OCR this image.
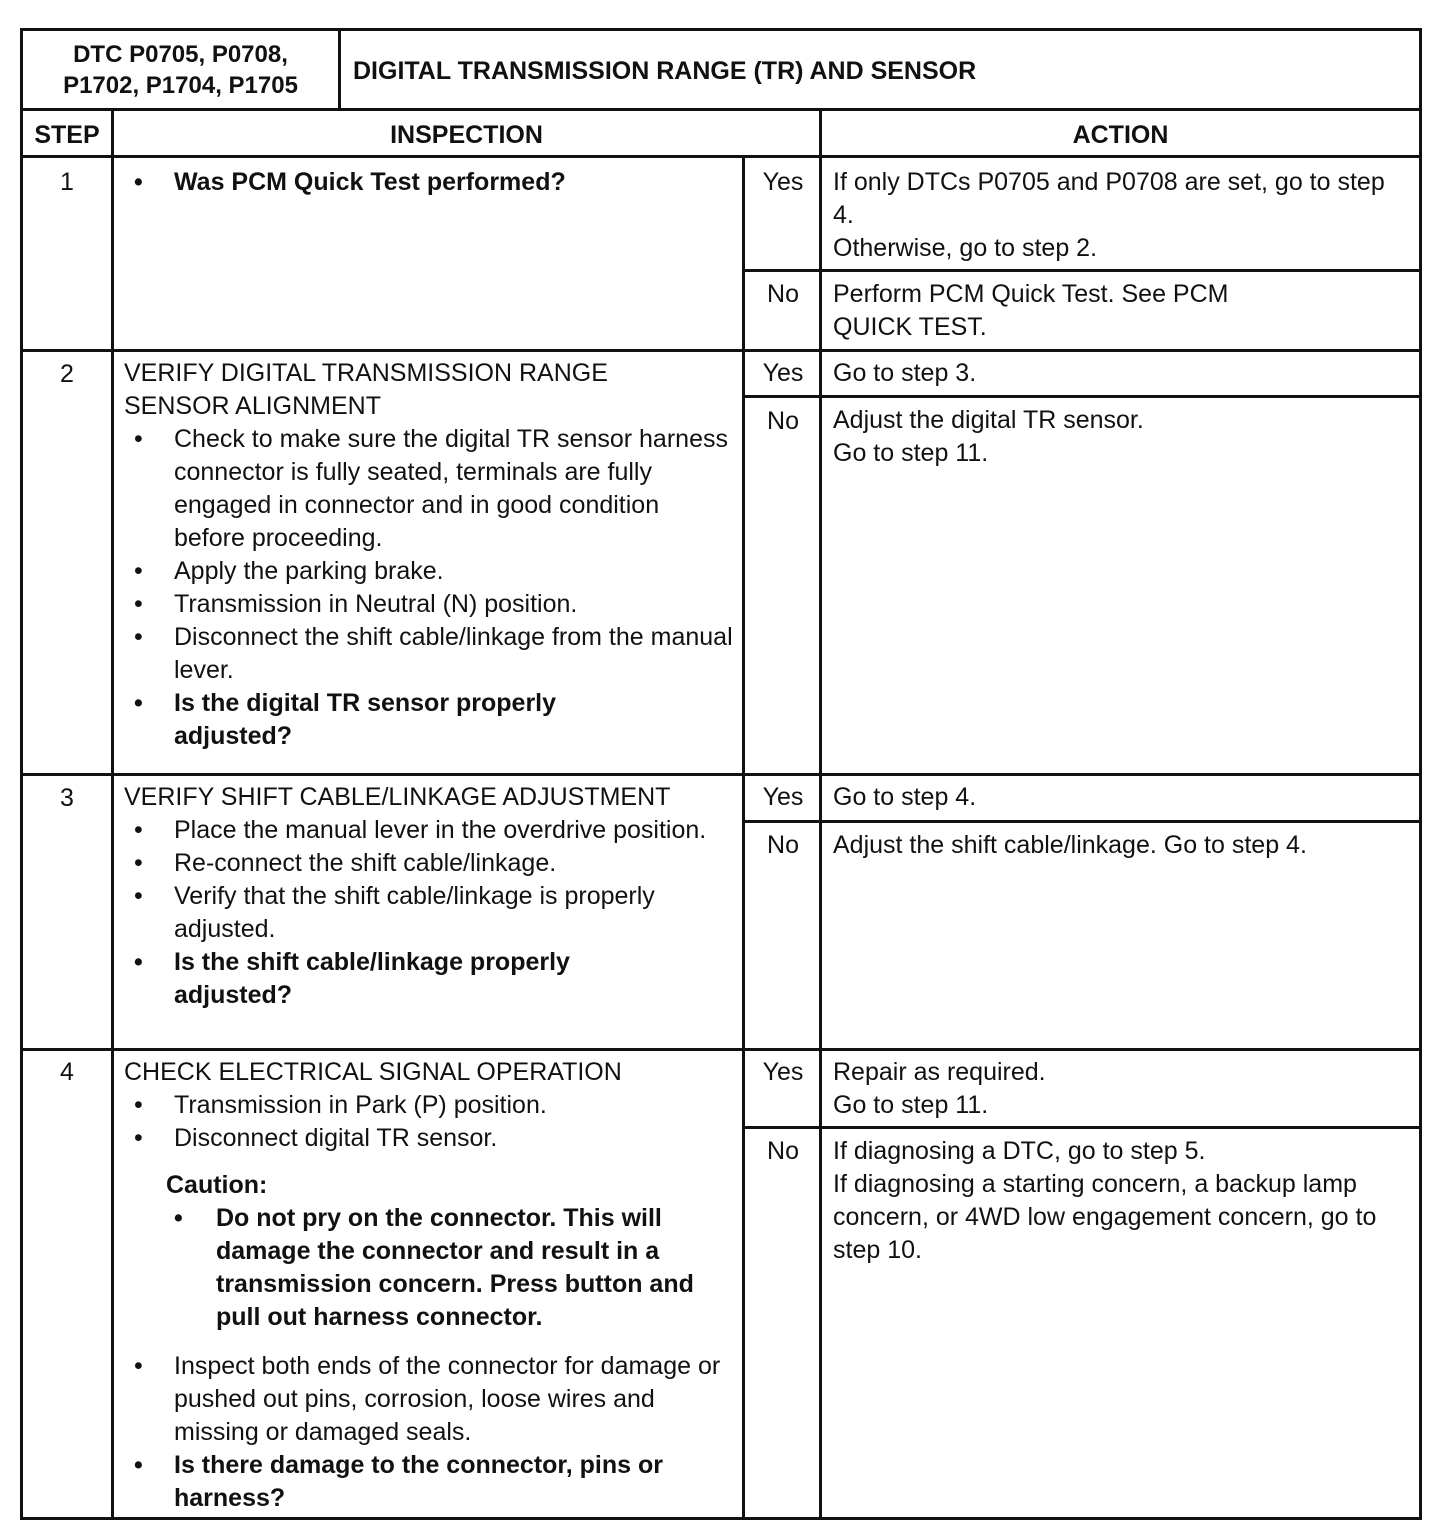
DTC P0705, P0708,
P1702, P1704, P1705
DIGITAL TRANSMISSION RANGE (TR) AND SENSOR
STEP	INSPECTION	ACTION
1
•	Was PCM Quick Test performed?	Yes	If only DTCs P0705 and P0708 are set, go to step 4.
Otherwise, go to step 2.
No	Perform PCM Quick Test. See PCM QUICK TEST.
2	VERIFY DIGITAL TRANSMISSION RANGE SENSOR ALIGNMENT
• Check to make sure the digital TR sensor harness connector is fully seated, terminals are fully engaged in connector and in good condition before proceeding.
• Apply the parking brake.
• Transmission in Neutral (N) position.
• Disconnect the shift cable/linkage from the manual lever.
• Is the digital TR sensor properly adjusted?
Yes	Go to step 3.
No	Adjust the digital TR sensor.
Go to step 11.
3	VERIFY SHIFT CABLE/LINKAGE ADJUSTMENT
• Place the manual lever in the overdrive position.
• Re-connect the shift cable/linkage.
• Verify that the shift cable/linkage is properly adjusted.
• Is the shift cable/linkage properly adjusted?
Yes	Go to step 4.
No	Adjust the shift cable/linkage. Go to step 4.
4	CHECK ELECTRICAL SIGNAL OPERATION
• Transmission in Park (P) position.
• Disconnect digital TR sensor.
Caution:
• Do not pry on the connector. This will damage the connector and result in a transmission concern. Press button and pull out harness connector.
• Inspect both ends of the connector for damage or pushed out pins, corrosion, loose wires and missing or damaged seals.
• Is there damage to the connector, pins or harness?
Yes	Repair as required.
Go to step 11.
No	If diagnosing a DTC, go to step 5.
If diagnosing a starting concern, a backup lamp concern, or 4WD low engagement concern, go to step 10.
